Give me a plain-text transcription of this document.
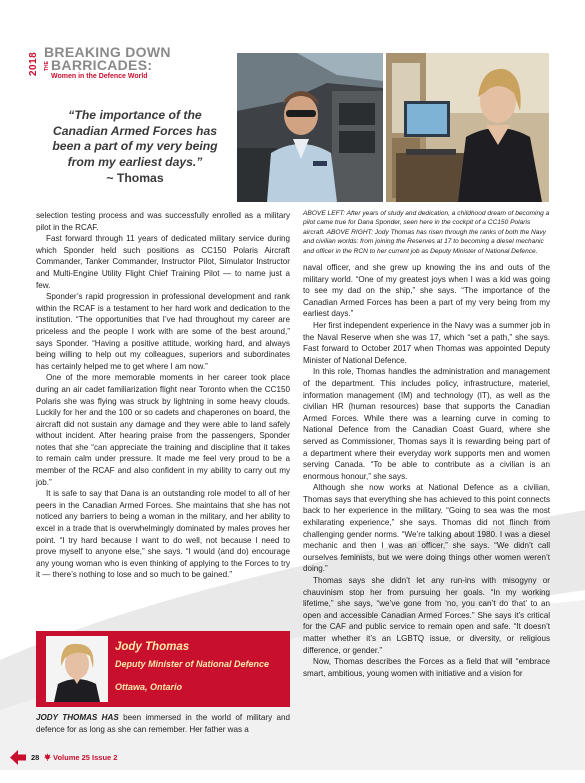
2018 BREAKING DOWN
THE BARRICADES:
Women in the Defence World
“The importance of the Canadian Armed Forces has been a part of my very being from my earliest days.”
~ Thomas
ABOVE LEFT: After years of study and dedication, a childhood dream of becoming a pilot came true for Dana Sponder, seen here in the cockpit of a CC150 Polaris aircraft. ABOVE RIGHT: Jody Thomas has risen through the ranks of both the Navy and civilian worlds: from joining the Reserves at 17 to becoming a diesel mechanic and officer in the RCN to her current job as Deputy Minister of National Defence.

selection testing process and was successfully enrolled as a military pilot in the RCAF.

Fast forward through 11 years of dedicated military service during which Sponder held such positions as CC150 Polaris Aircraft Commander, Tanker Commander, Instructor Pilot, Simulator Instructor and Multi-Engine Utility Flight Chief Training Pilot — to name just a few.

Sponder’s rapid progression in professional development and rank within the RCAF is a testament to her hard work and dedication to the institution. “The opportunities that I’ve had throughout my career are priceless and the people I work with are some of the best around,” says Sponder. “Having a positive attitude, working hard, and always being willing to help out my colleagues, superiors and subordinates has certainly helped me to get where I am now.”

One of the more memorable moments in her career took place during an air cadet familiarization flight near Toronto when the CC150 Polaris she was flying was struck by lightning in some heavy clouds. Luckily for her and the 100 or so cadets and chaperones on board, the aircraft did not sustain any damage and they were able to land safely without incident. After hearing praise from the passengers, Sponder notes that she “can appreciate the training and discipline that it takes to remain calm under pressure. It made me feel very proud to be a member of the RCAF and also confident in my ability to carry out my job.”

It is safe to say that Dana is an outstanding role model to all of her peers in the Canadian Armed Forces. She maintains that she has not noticed any barriers to being a woman in the military, and her ability to excel in a trade that is overwhelmingly dominated by males proves her point. “I try hard because I want to do well, not because I need to prove myself to anyone else,” she says. “I would (and do) encourage any young woman who is even thinking of applying to the Forces to try it — there’s nothing to lose and so much to be gained.”

Jody Thomas
Deputy Minister of National Defence
Ottawa, Ontario

JODY THOMAS HAS been immersed in the world of military and defence for as long as she can remember. Her father was a

naval officer, and she grew up knowing the ins and outs of the military world. “One of my greatest joys when I was a kid was going to see my dad on the ship,” she says. “The importance of the Canadian Armed Forces has been a part of my very being from my earliest days.”

Her first independent experience in the Navy was a summer job in the Naval Reserve when she was 17, which “set a path,” she says. Fast forward to October 2017 when Thomas was appointed Deputy Minister of National Defence.

In this role, Thomas handles the administration and management of the department. This includes policy, infrastructure, materiel, information management (IM) and technology (IT), as well as the civilian HR (human resources) base that supports the Canadian Armed Forces. While there was a learning curve in coming to National Defence from the Canadian Coast Guard, where she served as Commissioner, Thomas says it is rewarding being part of a department where their everyday work supports men and women serving Canada. “To be able to contribute as a civilian is an enormous honour,” she says.

Although she now works at National Defence as a civilian, Thomas says that everything she has achieved to this point connects back to her experience in the military. “Going to sea was the most exhilarating experience,” she says. Thomas did not flinch from challenging gender norms. “We’re talking about 1980. I was a diesel mechanic and then I was an officer,” she says. “We didn’t call ourselves feminists, but we were doing things other women weren’t doing.”

Thomas says she didn’t let any run-ins with misogyny or chauvinism stop her from pursuing her goals. “In my working lifetime,” she says, “we’ve gone from ‘no, you can’t do that’ to an open and accessible Canadian Armed Forces.” She says it’s critical for the CAF and public service to remain open and safe. “It doesn’t matter whether it’s an LGBTQ issue, or diversity, or religious difference, or gender.”

Now, Thomas describes the Forces as a field that will “embrace smart, ambitious, young women with initiative and a vision for

28 Volume 25 Issue 2
